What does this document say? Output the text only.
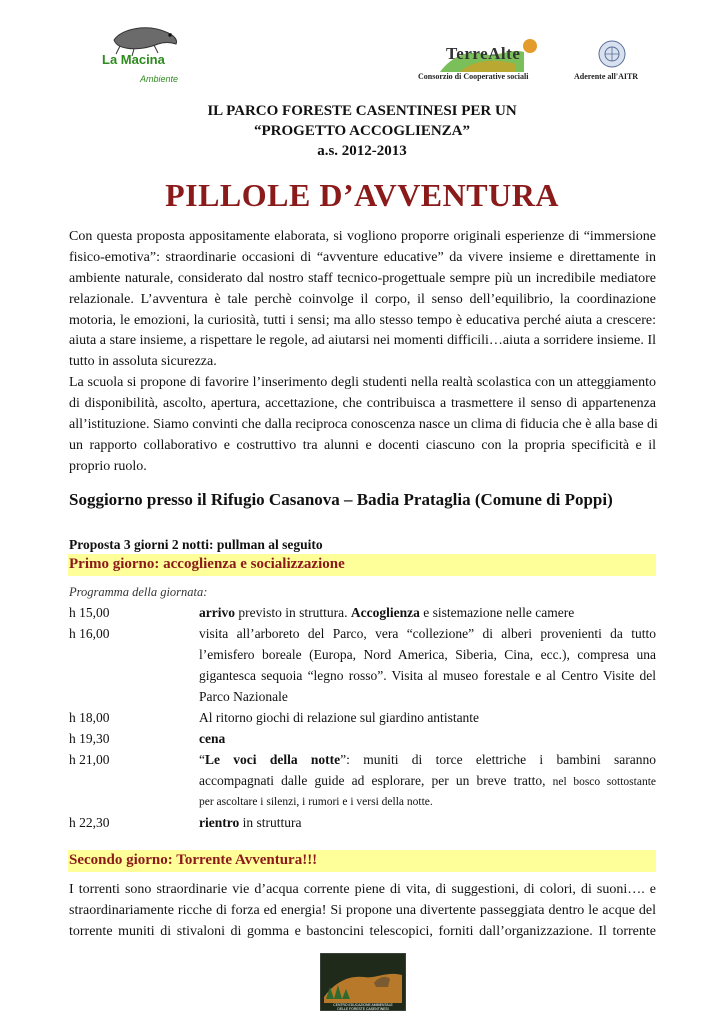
La Macina
Ambiente
TerreAlte
Consorzio di Cooperative sociali	Aderente all'AITR
IL PARCO FORESTE CASENTINESI PER UN
“PROGETTO ACCOGLIENZA”
a.s. 2012-2013
PILLOLE D’AVVENTURA
Con questa proposta appositamente elaborata, si vogliono proporre originali esperienze di “immersione
fisico-emotiva”: straordinarie occasioni di “avventure educative” da vivere insieme e direttamente in
ambiente naturale, considerato dal nostro staff tecnico-progettuale sempre più un incredibile mediatore
relazionale. L’avventura è tale perchè coinvolge il corpo, il senso dell’equilibrio, la coordinazione
motoria, le emozioni, la curiosità, tutti i sensi; ma allo stesso tempo è educativa perché aiuta a crescere:
aiuta a stare insieme, a rispettare le regole, ad aiutarsi nei momenti difficili…aiuta a sorridere insieme. Il
tutto in assoluta sicurezza.
La scuola si propone di favorire l’inserimento degli studenti nella realtà scolastica con un atteggiamento
di disponibilità, ascolto, apertura, accettazione, che contribuisca a trasmettere il senso di appartenenza
all’istituzione. Siamo convinti che dalla reciproca conoscenza nasce un clima di fiducia che è alla base di
un rapporto collaborativo e costruttivo tra alunni e docenti ciascuno con la propria specificità e il
proprio ruolo.
Soggiorno presso il Rifugio Casanova – Badia Prataglia (Comune di Poppi)
Proposta 3 giorni 2 notti: pullman al seguito
Primo giorno: accoglienza e socializzazione
Programma della giornata:
h 15,00	arrivo previsto in struttura. Accoglienza e sistemazione nelle camere
h 16,00	visita all’arboreto del Parco, vera “collezione” di alberi provenienti da tutto
l’emisfero boreale (Europa, Nord America, Siberia, Cina, ecc.), compresa una
gigantesca sequoia “legno rosso”. Visita al museo forestale e al Centro Visite del
Parco Nazionale
h 18,00	Al ritorno giochi di relazione sul giardino antistante
h 19,30	cena
h 21,00	“Le voci della notte”: muniti di torce elettriche i bambini saranno
accompagnati dalle guide ad esplorare, per un breve tratto, nel bosco sottostante
per ascoltare i silenzi, i rumori e i versi della notte.
h 22,30	rientro in struttura
Secondo giorno: Torrente Avventura!!!
I torrenti sono straordinarie vie d’acqua corrente piene di vita, di suggestioni, di colori, di suoni…. e
straordinariamente ricche di forza ed energia! Si propone una divertente passeggiata dentro le acque del
torrente muniti di stivaloni di gomma e bastoncini telescopici, forniti dall’organizzazione. Il torrente
CENTRO EDUCAZIONE AMBIENTALE
DELLE FORESTE CASENTINESI
